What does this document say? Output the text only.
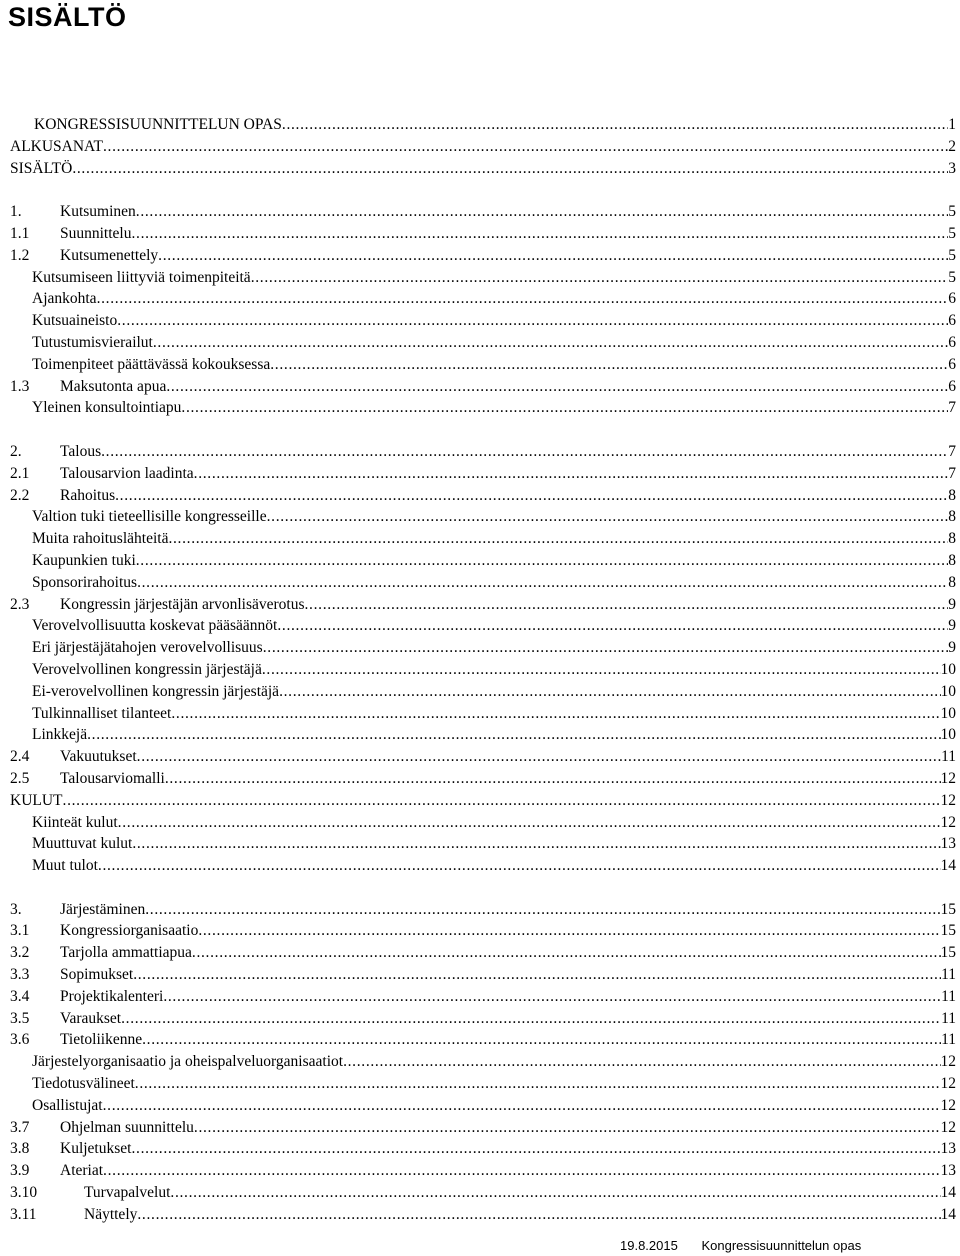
SISÄLTÖ
KONGRESSISUUNNITTELUN OPAS . . .	1
ALKUSANAT . . .	2
SISÄLTÖ . . .	3
1.	Kutsuminen . . .	5
1.1	Suunnittelu . . .	5
1.2	Kutsumenettely . . .	5
Kutsumiseen liittyviä toimenpiteitä . . .	5
Ajankohta . . .	6
Kutsuaineisto . . .	6
Tutustumisvierailut . . .	6
Toimenpiteet päättävässä kokouksessa . . .	6
1.3	Maksutonta apua . . .	6
Yleinen konsultointiapu . . .	7
2.	Talous . . .	7
2.1	Talousarvion laadinta . . .	7
2.2	Rahoitus . . .	8
Valtion tuki tieteellisille kongresseille . . .	8
Muita rahoituslähteitä . . .	8
Kaupunkien tuki . . .	8
Sponsorirahoitus . . .	8
2.3	Kongressin järjestäjän arvonlisäverotus . . .	9
Verovelvollisuutta koskevat pääsäännöt . . .	9
Eri järjestäjätahojen verovelvollisuus . . .	9
Verovelvollinen kongressin järjestäjä . . .	10
Ei-verovelvollinen kongressin järjestäjä . . .	10
Tulkinnalliset tilanteet . . .	10
Linkkejä . . .	10
2.4	Vakuutukset . . .	11
2.5	Talousarviomalli . . .	12
KULUT . . .	12
Kiinteät kulut . . .	12
Muuttuvat kulut . . .	13
Muut tulot . . .	14
3.	Järjestäminen . . .	15
3.1	Kongressiorganisaatio . . .	15
3.2	Tarjolla ammattiapua . . .	15
3.3	Sopimukset . . .	11
3.4	Projektikalenteri . . .	11
3.5	Varaukset . . .	11
3.6	Tietoliikenne . . .	11
Järjestelyorganisaatio ja oheispalveluorganisaatiot . . .	12
Tiedotusvälineet . . .	12
Osallistujat . . .	12
3.7	Ohjelman suunnittelu . . .	12
3.8	Kuljetukset . . .	13
3.9	Ateriat . . .	13
3.10	Turvapalvelut . . .	14
3.11	Näyttely . . .	14
19.8.2015 Kongressisuunnittelun opas
